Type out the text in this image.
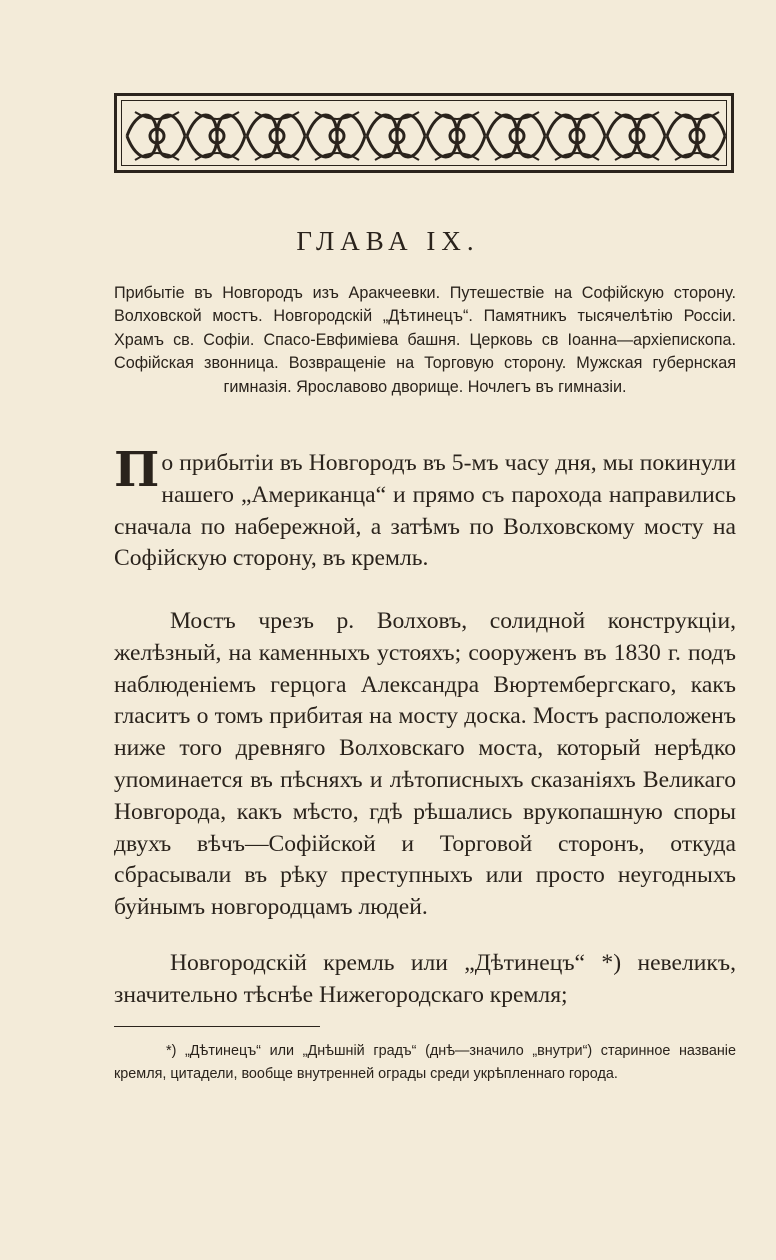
ГЛАВА IX.
Прибытіе въ Новгородъ изъ Аракчеевки. Путешествіе на Софійскую сторону. Волховской мостъ. Новгородскій „Дѣтинецъ“. Памятникъ тысячелѣтію Россіи. Храмъ св. Софіи. Спасо-Евфиміева башня. Церковь св Іоанна—архіепископа. Софійская звонница. Возвращеніе на Торговую сторону. Мужская губернская гимназія. Ярославово дворище. Ночлегъ въ гимназіи.
По прибытіи въ Новгородъ въ 5-мъ часу дня, мы покинули нашего „Американца“ и прямо съ парохода направились сначала по набережной, а затѣмъ по Волховскому мосту на Софійскую сторону, въ кремль.
Мостъ чрезъ р. Волховъ, солидной конструкціи, желѣзный, на каменныхъ устояхъ; сооруженъ въ 1830 г. подъ наблюденіемъ герцога Александра Вюртембергскаго, какъ гласитъ о томъ прибитая на мосту доска. Мостъ расположенъ ниже того древняго Волховскаго моста, который нерѣдко упоминается въ пѣсняхъ и лѣтописныхъ сказаніяхъ Великаго Новгорода, какъ мѣсто, гдѣ рѣшались врукопашную споры двухъ вѣчъ—Софійской и Торговой сторонъ, откуда сбрасывали въ рѣку преступныхъ или просто неугодныхъ буйнымъ новгородцамъ людей.
Новгородскій кремль или „Дѣтинецъ“ *) невеликъ, значительно тѣснѣе Нижегородскаго кремля;
*) „Дѣтинецъ“ или „Днѣшній градъ“ (днѣ—значило „внутри“) старинное названіе кремля, цитадели, вообще внутренней ограды среди укрѣпленнаго города.
